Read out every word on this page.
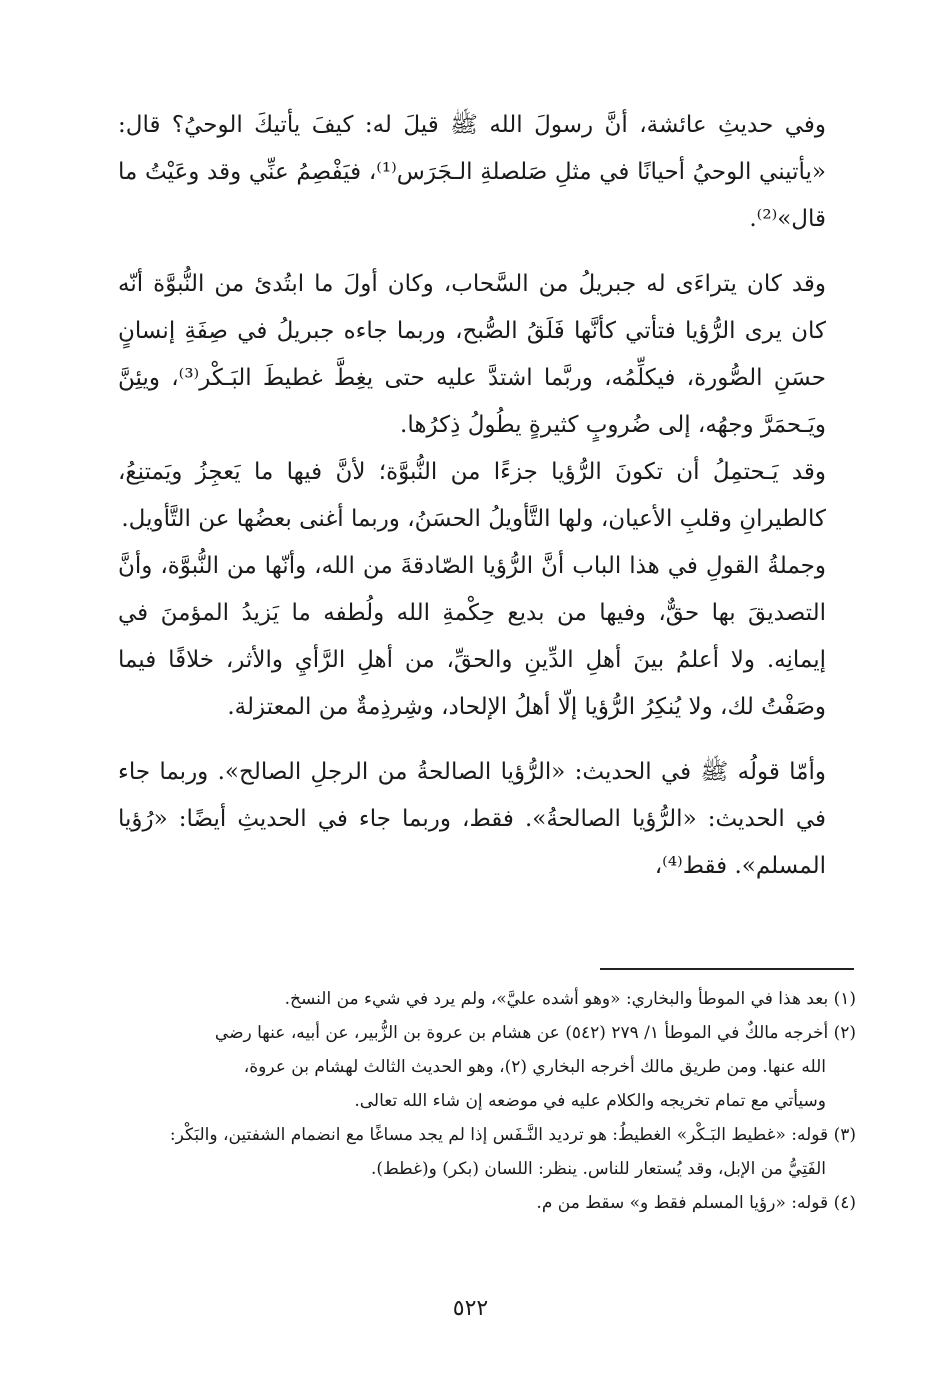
وفي حديثِ عائشة، أنَّ رسولَ الله ﷺ قيلَ له: كيفَ يأتيكَ الوحيُ؟ قال: «يأتيني الوحيُ أحيانًا في مثلِ صَلصلةِ الـجَرَس⁽¹⁾، فيَفْصِمُ عنِّي وقد وعَيْتُ ما قال»⁽²⁾.

وقد كان يتراءَى له جبريلُ من السَّحاب، وكان أولَ ما ابتُدئ من النُّبوَّة أنّه كان يرى الرُّؤيا فتأتي كأنَّها فَلَقُ الصُّبح، وربما جاءه جبريلُ في صِفَةِ إنسانٍ حسَنِ الصُّورة، فيكلِّمُه، وربَّما اشتدَّ عليه حتى يغِطَّ غطيطَ البَـكْر⁽³⁾، ويئِنَّ ويَـحمَرَّ وجهُه، إلى ضُروبٍ كثيرةٍ يطُولُ ذِكرُها.

وقد يَـحتمِلُ أن تكونَ الرُّؤيا جزءًا من النُّبوَّة؛ لأنَّ فيها ما يَعجِزُ ويَمتنِعُ، كالطيرانِ وقلبِ الأعيان، ولها التَّأويلُ الحسَنُ، وربما أغنى بعضُها عن التَّأويل.

وجملةُ القولِ في هذا الباب أنَّ الرُّؤيا الصّادقةَ من الله، وأنّها من النُّبوَّة، وأنَّ التصديقَ بها حقٌّ، وفيها من بديع حِكْمةِ الله ولُطفه ما يَزيدُ المؤمنَ في إيمانِه. ولا أعلمُ بينَ أهلِ الدِّينِ والحقِّ، من أهلِ الرَّأيِ والأثر، خلافًا فيما وصَفْتُ لك، ولا يُنكِرُ الرُّؤيا إلّا أهلُ الإلحاد، وشِرذِمةٌ من المعتزلة.

وأمّا قولُه ﷺ في الحديث: «الرُّؤيا الصالحةُ من الرجلِ الصالح». وربما جاء في الحديث: «الرُّؤيا الصالحةُ». فقط، وربما جاء في الحديثِ أيضًا: «رُؤيا المسلم». فقط⁽⁴⁾،

(١) بعد هذا في الموطأ والبخاري: «وهو أشده عليَّ»، ولم يرد في شيء من النسخ.

(٢) أخرجه مالكٌ في الموطأ ١/ ٢٧٩ (٥٤٢) عن هشام بن عروة بن الزُّبير، عن أبيه، عنها رضي

الله عنها. ومن طريق مالك أخرجه البخاري (٢)، وهو الحديث الثالث لهشام بن عروة،

وسيأتي مع تمام تخريجه والكلام عليه في موضعه إن شاء الله تعالى.

(٣) قوله: «غطيط البَـكْر» الغطيطُ: هو ترديد النَّـفَس إذا لم يجد مساغًا مع انضمام الشفتين، والبَكْر:

الفَتِيُّ من الإبل، وقد يُستعار للناس. ينظر: اللسان (بكر) و(غطط).

(٤) قوله: «رؤيا المسلم فقط و» سقط من م.

٥٢٢
